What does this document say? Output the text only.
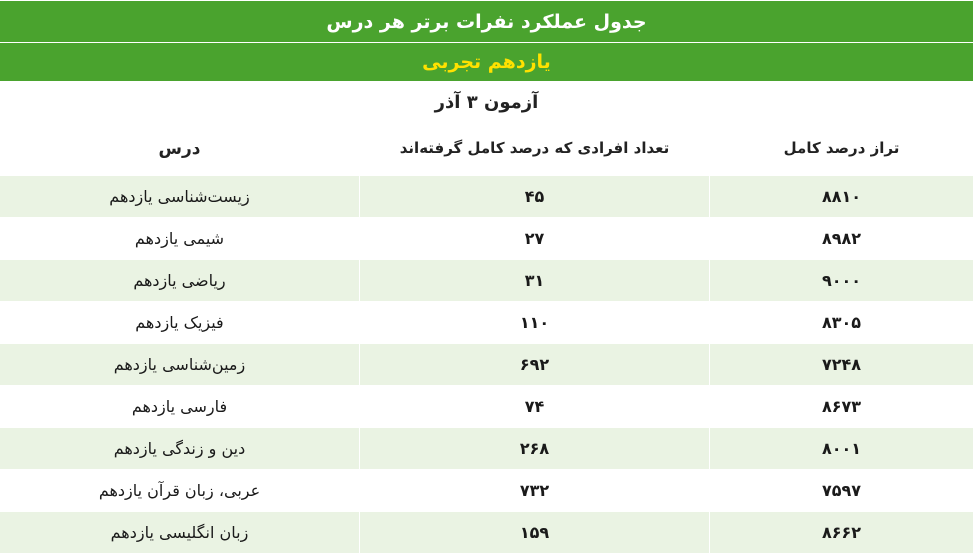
جدول عملکرد نفرات برتر هر درس		
یازدهم تجربی		
آزمون ۳ آذر		
تراز درصد کامل	تعداد افرادی که درصد کامل گرفته‌اند	درس
۸۸۱۰	۴۵	زیست‌شناسی یازدهم
۸۹۸۲	۲۷	شیمی یازدهم
۹۰۰۰	۳۱	ریاضی یازدهم
۸۳۰۵	۱۱۰	فیزیک یازدهم
۷۲۴۸	۶۹۲	زمین‌شناسی یازدهم
۸۶۷۳	۷۴	فارسی یازدهم
۸۰۰۱	۲۶۸	دین و زندگی یازدهم
۷۵۹۷	۷۳۲	عربی، زبان قرآن یازدهم
۸۶۶۲	۱۵۹	زبان انگلیسی یازدهم
